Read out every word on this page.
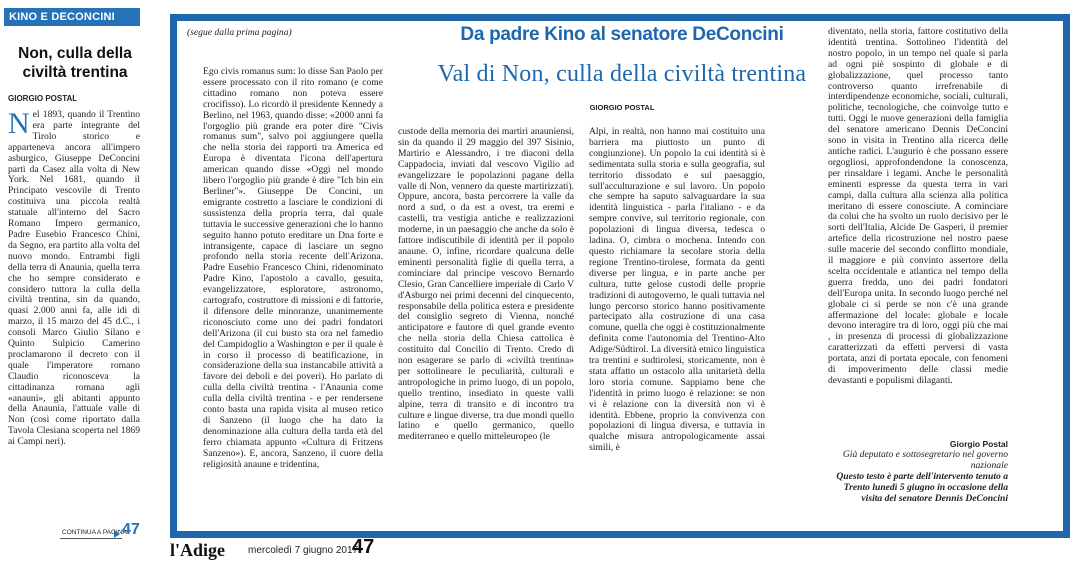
KINO E DECONCINI
Non, culla della civiltà trentina
GIORGIO POSTAL
Nel 1893, quando il Trentino era parte integrante del Tirolo storico e apparteneva ancora all'impero asburgico, Giuseppe DeConcini partì da Casez alla volta di New York. Nel 1681, quando il Principato vescovile di Trento costituiva una piccola realtà statuale all'interno del Sacro Romano Impero germanico, Padre Eusebio Francesco Chini, da Segno, era partito alla volta del nuovo mondo. Entrambi figli della terra di Anaunia, quella terra che ho sempre considerato e considero tuttora la culla della civiltà trentina, sin da quando, quasi 2.000 anni fa, alle idi di marzo, il 15 marzo del 45 d.C., i consoli Marco Giulio Silano e Quinto Sulpicio Camerino proclamarono il decreto con il quale l'imperatore romano Claudio riconosceva la cittadinanza romana agli «anauni», gli abitanti appunto della Anaunia, l'attuale valle di Non (così come riportato dalla Tavola Clesiana scoperta nel 1869 ai Campi neri).
CONTINUA A PAGINA
47
(segue dalla prima pagina)	Da padre Kino al senatore DeConcini
Val di Non, culla della civiltà trentina
GIORGIO POSTAL

Ego civis romanus sum: lo disse San Paolo per essere processato con il rito romano (e come cittadino romano non poteva essere crocifisso). Lo ricordò il presidente Kennedy a Berlino, nel 1963, quando disse: «2000 anni fa l'orgoglio più grande era poter dire "Civis romanus sum", salvo poi aggiungere quella che nella storia dei rapporti tra America ed Europa è diventata l'icona dell'apertura american quando disse «Oggi nel mondo libero l'orgoglio più grande è dire "Ich bin ein Berliner"». Giuseppe De Concini, un emigrante costretto a lasciare le condizioni di sussistenza della propria terra, dal quale tuttavia le successive generazioni che lo hanno seguito hanno potuto ereditare un Dna forte e intransigente, capace di lasciare un segno profondo nella storia recente dell'Arizona. Padre Eusebio Francesco Chini, ridenominato Padre Kino, l'apostolo a cavallo, gesuita, evangelizzatore, esploratore, astronomo, cartografo, costruttore di missioni e di fattorie, il difensore delle minoranze, unanimemente riconosciuto come uno dei padri fondatori dell'Arizona (il cui busto sta ora nel famedio del Campidoglio a Washington e per il quale è in corso il processo di beatificazione, in considerazione della sua instancabile attività a favore dei deboli e dei poveri). Ho parlato di culla della civiltà trentina - l'Anaunia come culla della civiltà trentina - e per rendersene conto basta una rapida visita al museo retico di Sanzeno (il luogo che ha dato la denominazione alla cultura della tarda età del ferro chiamata appunto «Cultura di Fritzens Sanzeno»). E, ancora, Sanzeno, il cuore della religiosità anaune e tridentina,

custode della memoria dei martiri anauniensi, sin da quando il 29 maggio del 397 Sisinio, Martirio e Alessandro, i tre diaconi della Cappadocia, inviati dal vescovo Vigilio ad evangelizzare le popolazioni pagane della valle di Non, vennero da queste martirizzati). Oppure, ancora, basta percorrere la valle da nord a sud, o da est a ovest, tra eremi e castelli, tra vestigia antiche e realizzazioni moderne, in un paesaggio che anche da solo è fattore indiscutibile di identità per il popolo anaune. O, infine, ricordare qualcuna delle eminenti personalità figlie di quella terra, a cominciare dal principe vescovo Bernardo Clesio, Gran Cancelliere imperiale di Carlo V d'Asburgo nei primi decenni del cinquecento, responsabile della politica estera e presidente del consiglio segreto di Vienna, nonché anticipatore e fautore di quel grande evento che nella storia della Chiesa cattolica è costituito dal Concilio di Trento. Credo di non esagerare se parlo di «civiltà trentina» per sottolineare le peculiarità, culturali e antropologiche in primo luogo, di un popolo, quello trentino, insediato in queste valli alpine, terra di transito e di incontro tra culture e lingue diverse, tra due mondi quello latino e quello germanico, quello mediterraneo e quello mitteleuropeo (le

Alpi, in realtà, non hanno mai costituito una barriera ma piuttosto un punto di congiunzione). Un popolo la cui identità si è sedimentata sulla storia e sulla geografia, sul territorio dissodato e sul paesaggio, sull'acculturazione e sul lavoro. Un popolo che sempre ha saputo salvaguardare la sua identità linguistica - parla l'italiano - e da sempre convive, sul territorio regionale, con popolazioni di lingua diversa, tedesca o ladina. O, cimbra o mochena. Intendo con questo richiamare la secolare storia della regione Trentino-tirolese, formata da genti diverse per lingua, e in parte anche per cultura, tutte gelose custodi delle proprie tradizioni di autogoverno, le quali tuttavia nel lungo percorso storico hanno positivamente partecipato alla costruzione di una casa comune, quella che oggi è costituzionalmente definita come l'autonomia del Trentino-Alto Adige/Südtirol. La diversità etnico linguistica tra trentini e sudtirolesi, storicamente, non è stata affatto un ostacolo alla unitarietà della loro storia comune. Sappiamo bene che l'identità in primo luogo è relazione: se non vi è relazione con la diversità non vi è identità. Ebbene, proprio la convivenza con popolazioni di lingua diversa, e tuttavia in qualche misura antropologicamente assai simili, è

diventato, nella storia, fattore costitutivo della identità trentina. Sottolineo l'identità del nostro popolo, in un tempo nel quale si parla ad ogni piè sospinto di globale e di globalizzazione, quel processo tanto controverso quanto irrefrenabile di interdipendenze economiche, sociali, culturali, politiche, tecnologiche, che coinvolge tutto e tutti. Oggi le nuove generazioni della famiglia del senatore americano Dennis DeConcini sono in visita in Trentino alla ricerca delle antiche radici. L'augurio è che possano essere orgogliosi, approfondendone la conoscenza, per rinsaldare i legami. Anche le personalità eminenti espresse da questa terra in vari campi, dalla cultura alla scienza alla politica meritano di essere conosciute. A cominciare da colui che ha svolto un ruolo decisivo per le sorti dell'Italia, Alcide De Gasperi, il premier artefice della ricostruzione nel nostro paese sulle macerie del secondo conflitto mondiale, il maggiore e più convinto assertore della scelta occidentale e atlantica nel tempo della guerra fredda, uno dei padri fondatori dell'Europa unita. In secondo luogo perché nel globale ci si perde se non c'è una grande affermazione del locale: globale e locale devono interagire tra di loro, oggi più che mai , in presenza di processi di globalizzazione caratterizzati da effetti perversi di vasta portata, anzi di portata epocale, con fenomeni di impoverimento delle classi medie devastanti e populismi dilaganti.

Giorgio Postal
Già deputato e sottosegretario nel governo nazionale
Questo testo è parte dell'intervento tenuto a Trento lunedì 5 giugno in occasione della visita del senatore Dennis DeConcini
l'Adige mercoledì 7 giugno 2017
47
